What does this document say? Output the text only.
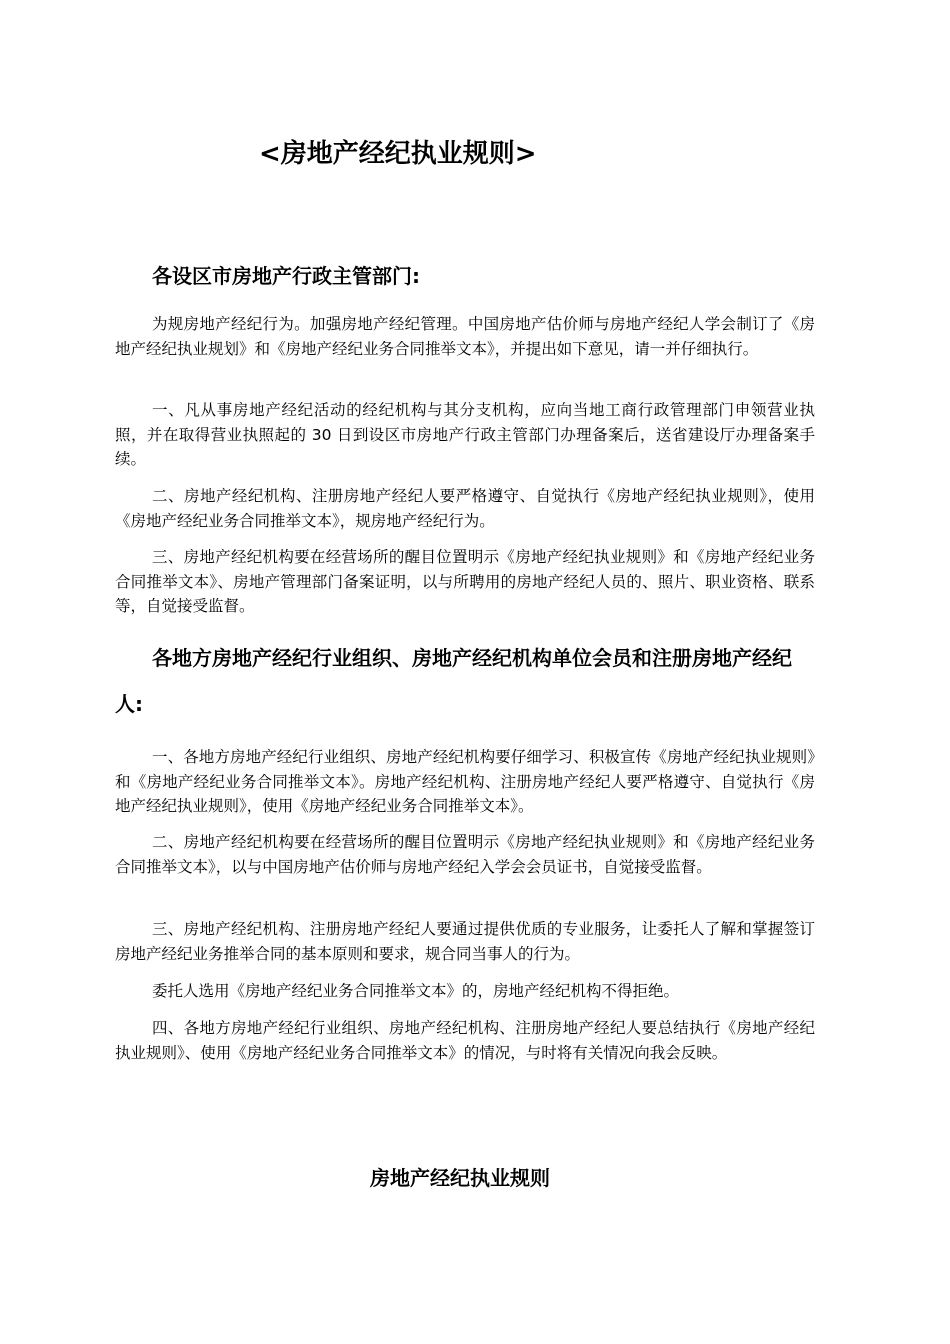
<房地产经纪执业规则>
各设区市房地产行政主管部门:

为规房地产经纪行为。加强房地产经纪管理。中国房地产估价师与房地产经纪人学会制订了《房地产经纪执业规划》和《房地产经纪业务合同推举文本》，并提出如下意见，请一并仔细执行。

一、凡从事房地产经纪活动的经纪机构与其分支机构，应向当地工商行政管理部门申领营业执照，并在取得营业执照起的 30 日到设区市房地产行政主管部门办理备案后，送省建设厅办理备案手续。

二、房地产经纪机构、注册房地产经纪人要严格遵守、自觉执行《房地产经纪执业规则》，使用《房地产经纪业务合同推举文本》，规房地产经纪行为。

三、房地产经纪机构要在经营场所的醒目位置明示《房地产经纪执业规则》和《房地产经纪业务合同推举文本》、房地产管理部门备案证明，以与所聘用的房地产经纪人员的、照片、职业资格、联系等，自觉接受监督。

各地方房地产经纪行业组织、房地产经纪机构单位会员和注册房地产经纪人:

一、各地方房地产经纪行业组织、房地产经纪机构要仔细学习、积极宣传《房地产经纪执业规则》和《房地产经纪业务合同推举文本》。房地产经纪机构、注册房地产经纪人要严格遵守、自觉执行《房地产经纪执业规则》，使用《房地产经纪业务合同推举文本》。

二、房地产经纪机构要在经营场所的醒目位置明示《房地产经纪执业规则》和《房地产经纪业务合同推举文本》，以与中国房地产估价师与房地产经纪入学会会员证书，自觉接受监督。

三、房地产经纪机构、注册房地产经纪人要通过提供优质的专业服务，让委托人了解和掌握签订房地产经纪业务推举合同的基本原则和要求，规合同当事人的行为。

委托人选用《房地产经纪业务合同推举文本》的，房地产经纪机构不得拒绝。

四、各地方房地产经纪行业组织、房地产经纪机构、注册房地产经纪人要总结执行《房地产经纪执业规则》、使用《房地产经纪业务合同推举文本》的情况，与时将有关情况向我会反映。

房地产经纪执业规则
